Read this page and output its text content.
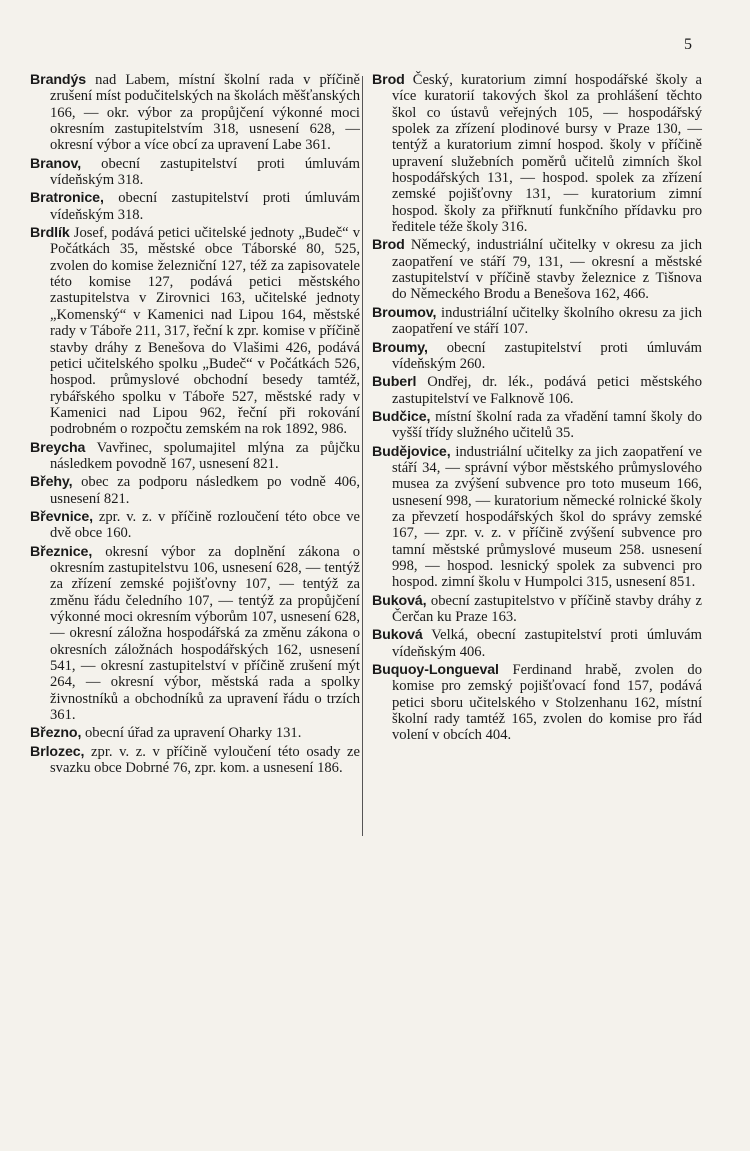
5

Brandýs nad Labem, místní školní rada v příčině zrušení míst podučitelských na školách měšťanských 166, — okr. výbor za propůjčení výkonné moci okresním zastupitelstvím 318, usnesení 628, — okresní výbor a více obcí za upravení Labe 361.

Branov, obecní zastupitelství proti úmluvám vídeňským 318.

Bratronice, obecní zastupitelství proti úmluvám vídeňským 318.

Brdlík Josef, podává petici učitelské jednoty „Budeč“ v Počátkách 35, městské obce Táborské 80, 525, zvolen do komise železniční 127, též za zapisovatele této komise 127, podává petici městského zastupitelstva v Zirovnici 163, učitelské jednoty „Komenský“ v Kamenici nad Lipou 164, městské rady v Táboře 211, 317, řeční k zpr. komise v příčině stavby dráhy z Benešova do Vlašimi 426, podává petici učitelského spolku „Budeč“ v Počátkách 526, hospod. průmyslové obchodní besedy tamtéž, rybářského spolku v Táboře 527, městské rady v Kamenici nad Lipou 962, řeční při rokování podrobném o rozpočtu zemském na rok 1892, 986.

Breycha Vavřinec, spolumajitel mlýna za půjčku následkem povodně 167, usnesení 821.

Břehy, obec za podporu následkem po vodně 406, usnesení 821.

Břevnice, zpr. v. z. v příčině rozloučení této obce ve dvě obce 160.

Březnice, okresní výbor za doplnění zákona o okresním zastupitelstvu 106, usnesení 628, — tentýž za zřízení zemské pojišťovny 107, — tentýž za změnu řádu čeledního 107, — tentýž za propůjčení výkonné moci okresním výborům 107, usnesení 628, — okresní záložna hospodářská za změnu zákona o okresních záložnách hospodářských 162, usnesení 541, — okresní zastupitelství v příčině zrušení mýt 264, — okresní výbor, městská rada a spolky živnostníků a obchodníků za upravení řádu o trzích 361.

Březno, obecní úřad za upravení Oharky 131.

Brlozec, zpr. v. z. v příčině vyloučení této osady ze svazku obce Dobrné 76, zpr. kom. a usnesení 186.

Brod Český, kuratorium zimní hospodářské školy a více kuratorií takových škol za prohlášení těchto škol co ústavů veřejných 105, — hospodářský spolek za zřízení plodinové bursy v Praze 130, — tentýž a kuratorium zimní hospod. školy v příčině upravení služebních poměrů učitelů zimních škol hospodářských 131, — hospod. spolek za zřízení zemské pojišťovny 131, — kuratorium zimní hospod. školy za přiřknutí funkčního přídavku pro ředitele téže školy 316.

Brod Německý, industriální učitelky v okresu za jich zaopatření ve stáří 79, 131, — okresní a městské zastupitelství v příčině stavby železnice z Tišnova do Německého Brodu a Benešova 162, 466.

Broumov, industriální učitelky školního okresu za jich zaopatření ve stáří 107.

Broumy, obecní zastupitelství proti úmluvám vídeňským 260.

Buberl Ondřej, dr. lék., podává petici městského zastupitelství ve Falknově 106.

Budčice, místní školní rada za vřadění tamní školy do vyšší třídy služného učitelů 35.

Budějovice, industriální učitelky za jich zaopatření ve stáří 34, — správní výbor městského průmyslového musea za zvýšení subvence pro toto museum 166, usnesení 998, — kuratorium německé rolnické školy za převzetí hospodářských škol do správy zemské 167, — zpr. v. z. v příčině zvýšení subvence pro tamní městské průmyslové museum 258. usnesení 998, — hospod. lesnický spolek za subvenci pro hospod. zimní školu v Humpolci 315, usnesení 851.

Buková, obecní zastupitelstvo v příčině stavby dráhy z Čerčan ku Praze 163.

Buková Velká, obecní zastupitelství proti úmluvám vídeňským 406.

Buquoy-Longueval Ferdinand hrabě, zvolen do komise pro zemský pojišťovací fond 157, podává petici sboru učitelského v Stolzenhanu 162, místní školní rady tamtéž 165, zvolen do komise pro řád volení v obcích 404.
